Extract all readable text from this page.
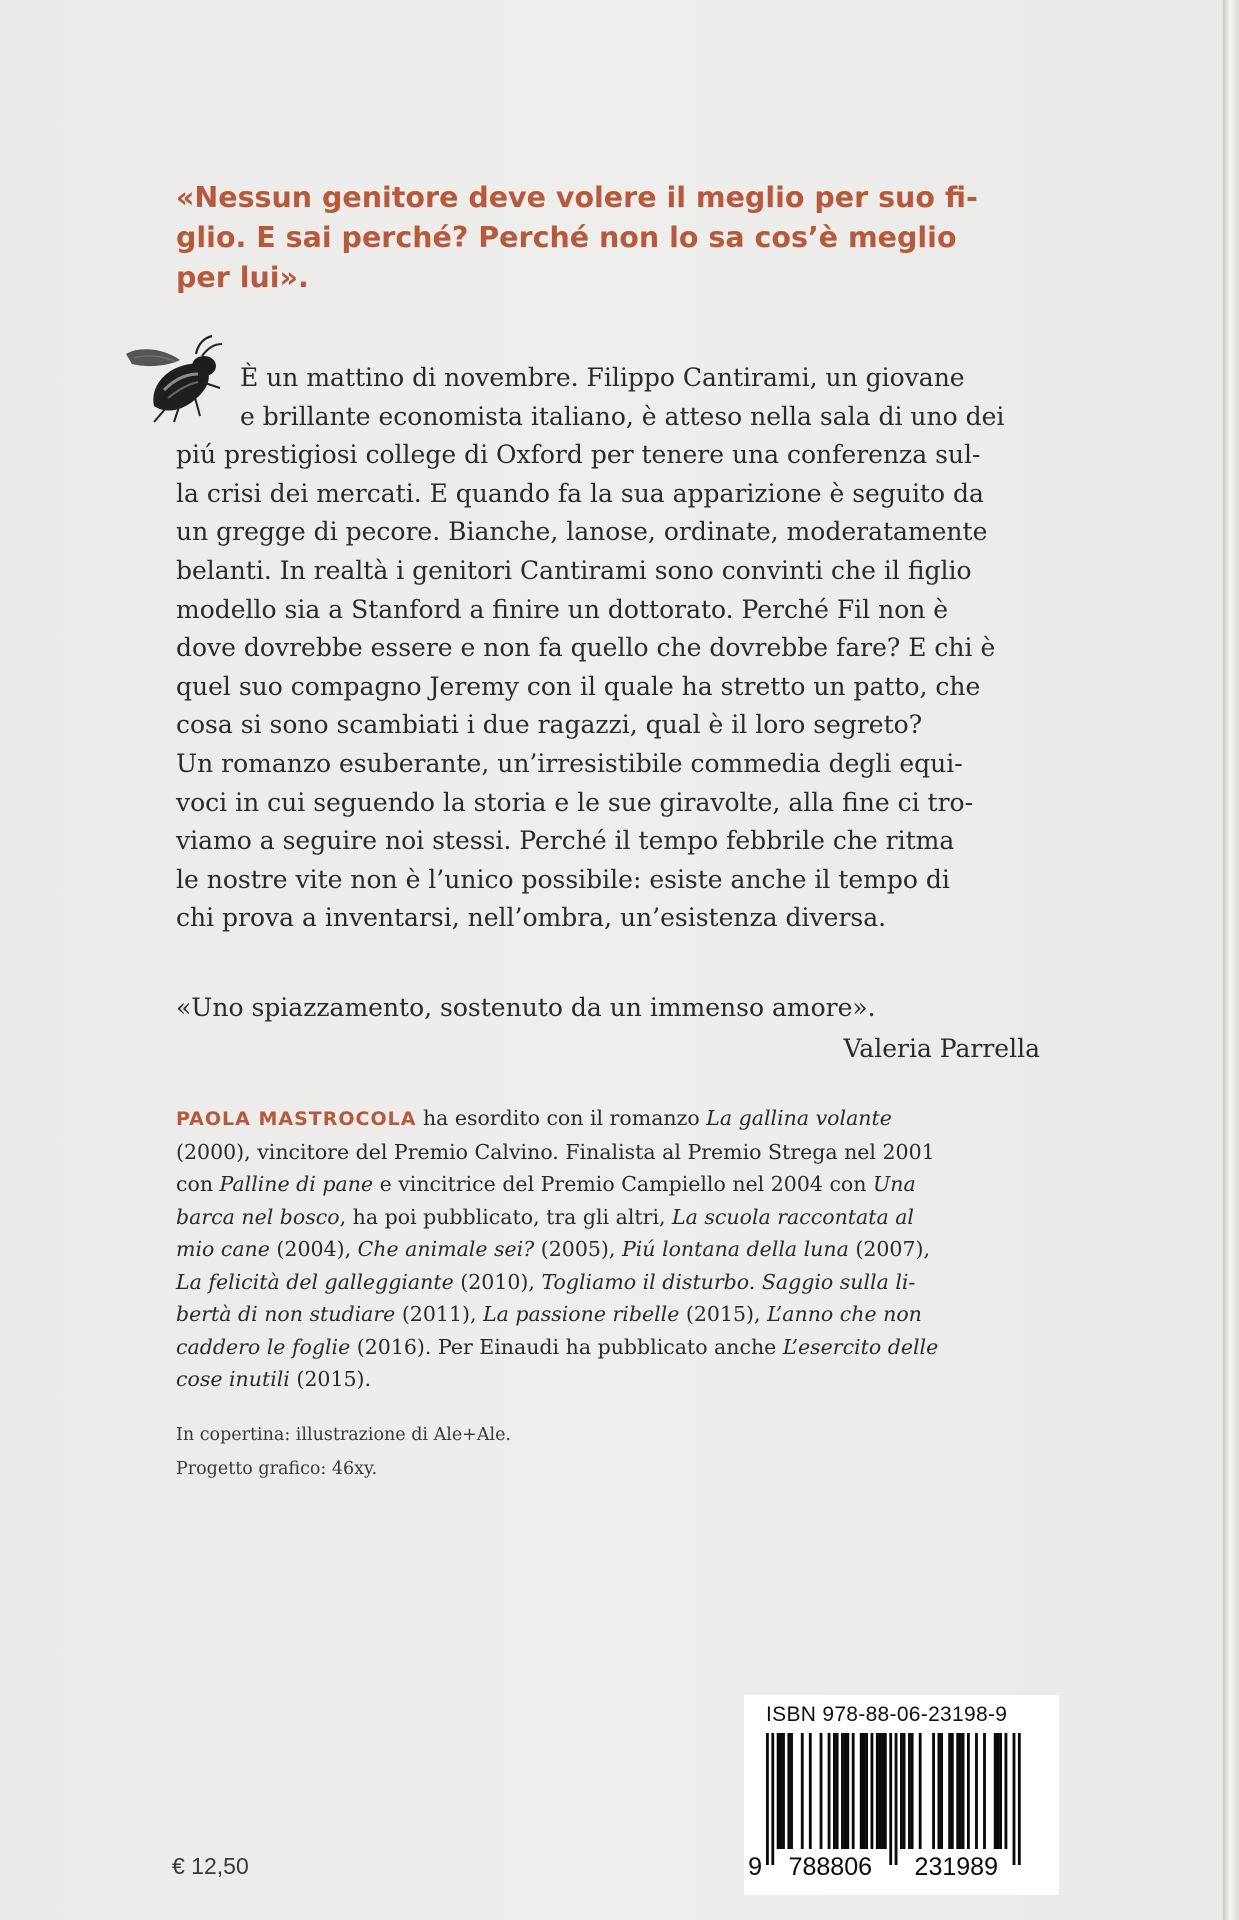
«Nessun genitore deve volere il meglio per suo fi-
glio. E sai perché? Perché non lo sa cos’è meglio
per lui».
È un mattino di novembre. Filippo Cantirami, un giovane
e brillante economista italiano, è atteso nella sala di uno dei
piú prestigiosi college di Oxford per tenere una conferenza sul-
la crisi dei mercati. E quando fa la sua apparizione è seguito da
un gregge di pecore. Bianche, lanose, ordinate, moderatamente
belanti. In realtà i genitori Cantirami sono convinti che il figlio
modello sia a Stanford a finire un dottorato. Perché Fil non è
dove dovrebbe essere e non fa quello che dovrebbe fare? E chi è
quel suo compagno Jeremy con il quale ha stretto un patto, che
cosa si sono scambiati i due ragazzi, qual è il loro segreto?
Un romanzo esuberante, un’irresistibile commedia degli equi-
voci in cui seguendo la storia e le sue giravolte, alla fine ci tro-
viamo a seguire noi stessi. Perché il tempo febbrile che ritma
le nostre vite non è l’unico possibile: esiste anche il tempo di
chi prova a inventarsi, nell’ombra, un’esistenza diversa.
«Uno spiazzamento, sostenuto da un immenso amore».
Valeria Parrella
PAOLA MASTROCOLA ha esordito con il romanzo La gallina volante
(2000), vincitore del Premio Calvino. Finalista al Premio Strega nel 2001
con Palline di pane e vincitrice del Premio Campiello nel 2004 con Una
barca nel bosco, ha poi pubblicato, tra gli altri, La scuola raccontata al
mio cane (2004), Che animale sei? (2005), Piú lontana della luna (2007),
La felicità del galleggiante (2010), Togliamo il disturbo. Saggio sulla li-
bertà di non studiare (2011), La passione ribelle (2015), L’anno che non
caddero le foglie (2016). Per Einaudi ha pubblicato anche L’esercito delle
cose inutili (2015).
In copertina: illustrazione di Ale+Ale.
Progetto grafico: 46xy.
€ 12,50
ISBN 978-88-06-23198-9
9 788806 231989
